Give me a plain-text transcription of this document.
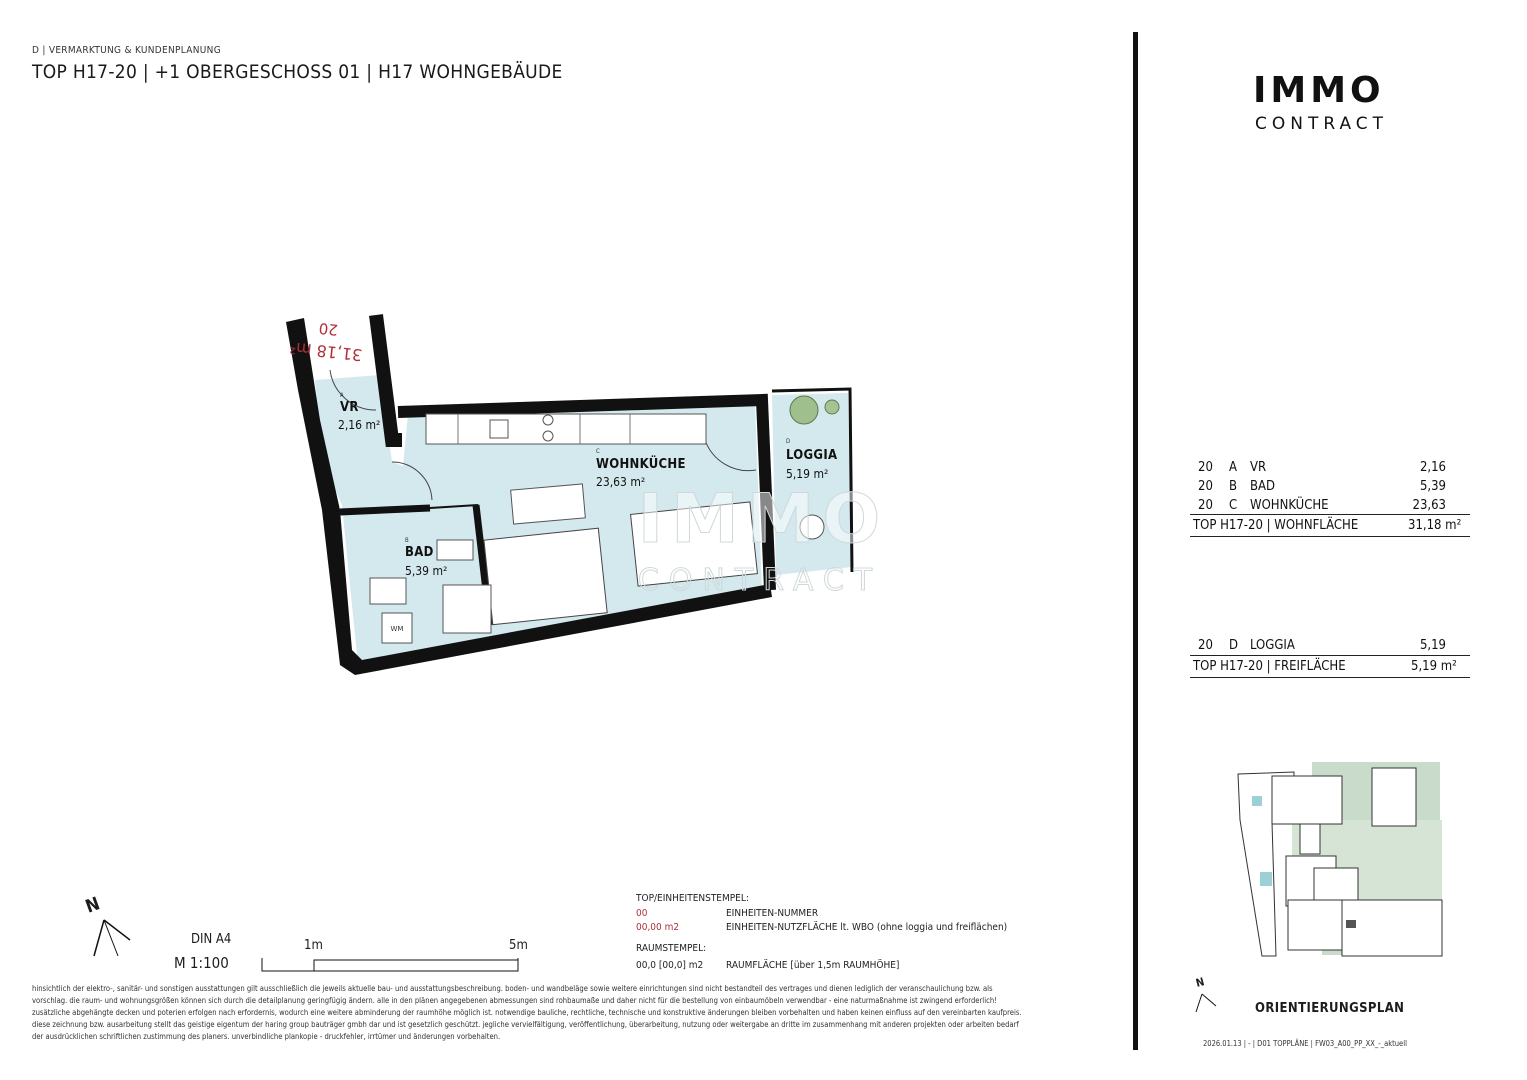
D | VERMARKTUNG & KUNDENPLANUNG
TOP H17-20 | +1 OBERGESCHOSS 01 | H17 WOHNGEBÄUDE	IMMO
CONTRACT
WM
31,18 m²
20
IMMO
CONTRACT
A
VR
2,16 m²
B
BAD
5,39 m²
C
WOHNKÜCHE
23,63 m²
D
LOGGIA
5,19 m²	20 A VR	2,16
20 B BAD	5,39
20 C WOHNKÜCHE	23,63
TOP H17-20 | WOHNFLÄCHE	31,18 m²
20 D LOGGIA	5,19
TOP H17-20 | FREIFLÄCHE	5,19 m²
N
DIN A4
M 1:100
1m	5m
TOP/EINHEITENSTEMPEL:
00	EINHEITEN-NUMMER
00,00 m2	EINHEITEN-NUTZFLÄCHE lt. WBO (ohne loggia und freiflächen)
RAUMSTEMPEL:
00,0 [00,0] m2 RAUMFLÄCHE [über 1,5m RAUMHÖHE]
hinsichtlich der elektro-, sanitär- und sonstigen ausstattungen gilt ausschließlich die jeweils aktuelle bau- und ausstattungsbeschreibung. boden- und wandbeläge sowie weitere einrichtungen sind nicht bestandteil des vertrages und dienen lediglich der veranschaulichung bzw. als
vorschlag. die raum- und wohnungsgrößen können sich durch die detailplanung geringfügig ändern. alle in den plänen angegebenen abmessungen sind rohbaumaße und daher nicht für die bestellung von einbaumöbeln verwendbar - eine naturmaßnahme ist zwingend erforderlich!
zusätzliche abgehängte decken und poterien erfolgen nach erfordernis, wodurch eine weitere abminderung der raumhöhe möglich ist. notwendige bauliche, rechtliche, technische und konstruktive änderungen bleiben vorbehalten und haben keinen einfluss auf den vereinbarten kaufpreis.
diese zeichnung bzw. ausarbeitung stellt das geistige eigentum der haring group bauträger gmbh dar und ist gesetzlich geschützt. jegliche vervielfältigung, veröffentlichung, überarbeitung, nutzung oder weitergabe an dritte im zusammenhang mit anderen projekten oder arbeiten bedarf
der ausdrücklichen schriftlichen zustimmung des planers. unverbindliche plankopie - druckfehler, irrtümer und änderungen vorbehalten.
N
ORIENTIERUNGSPLAN
2026.01.13 | - | D01 TOPPLÄNE | FW03_A00_PP_XX_-_aktuell
